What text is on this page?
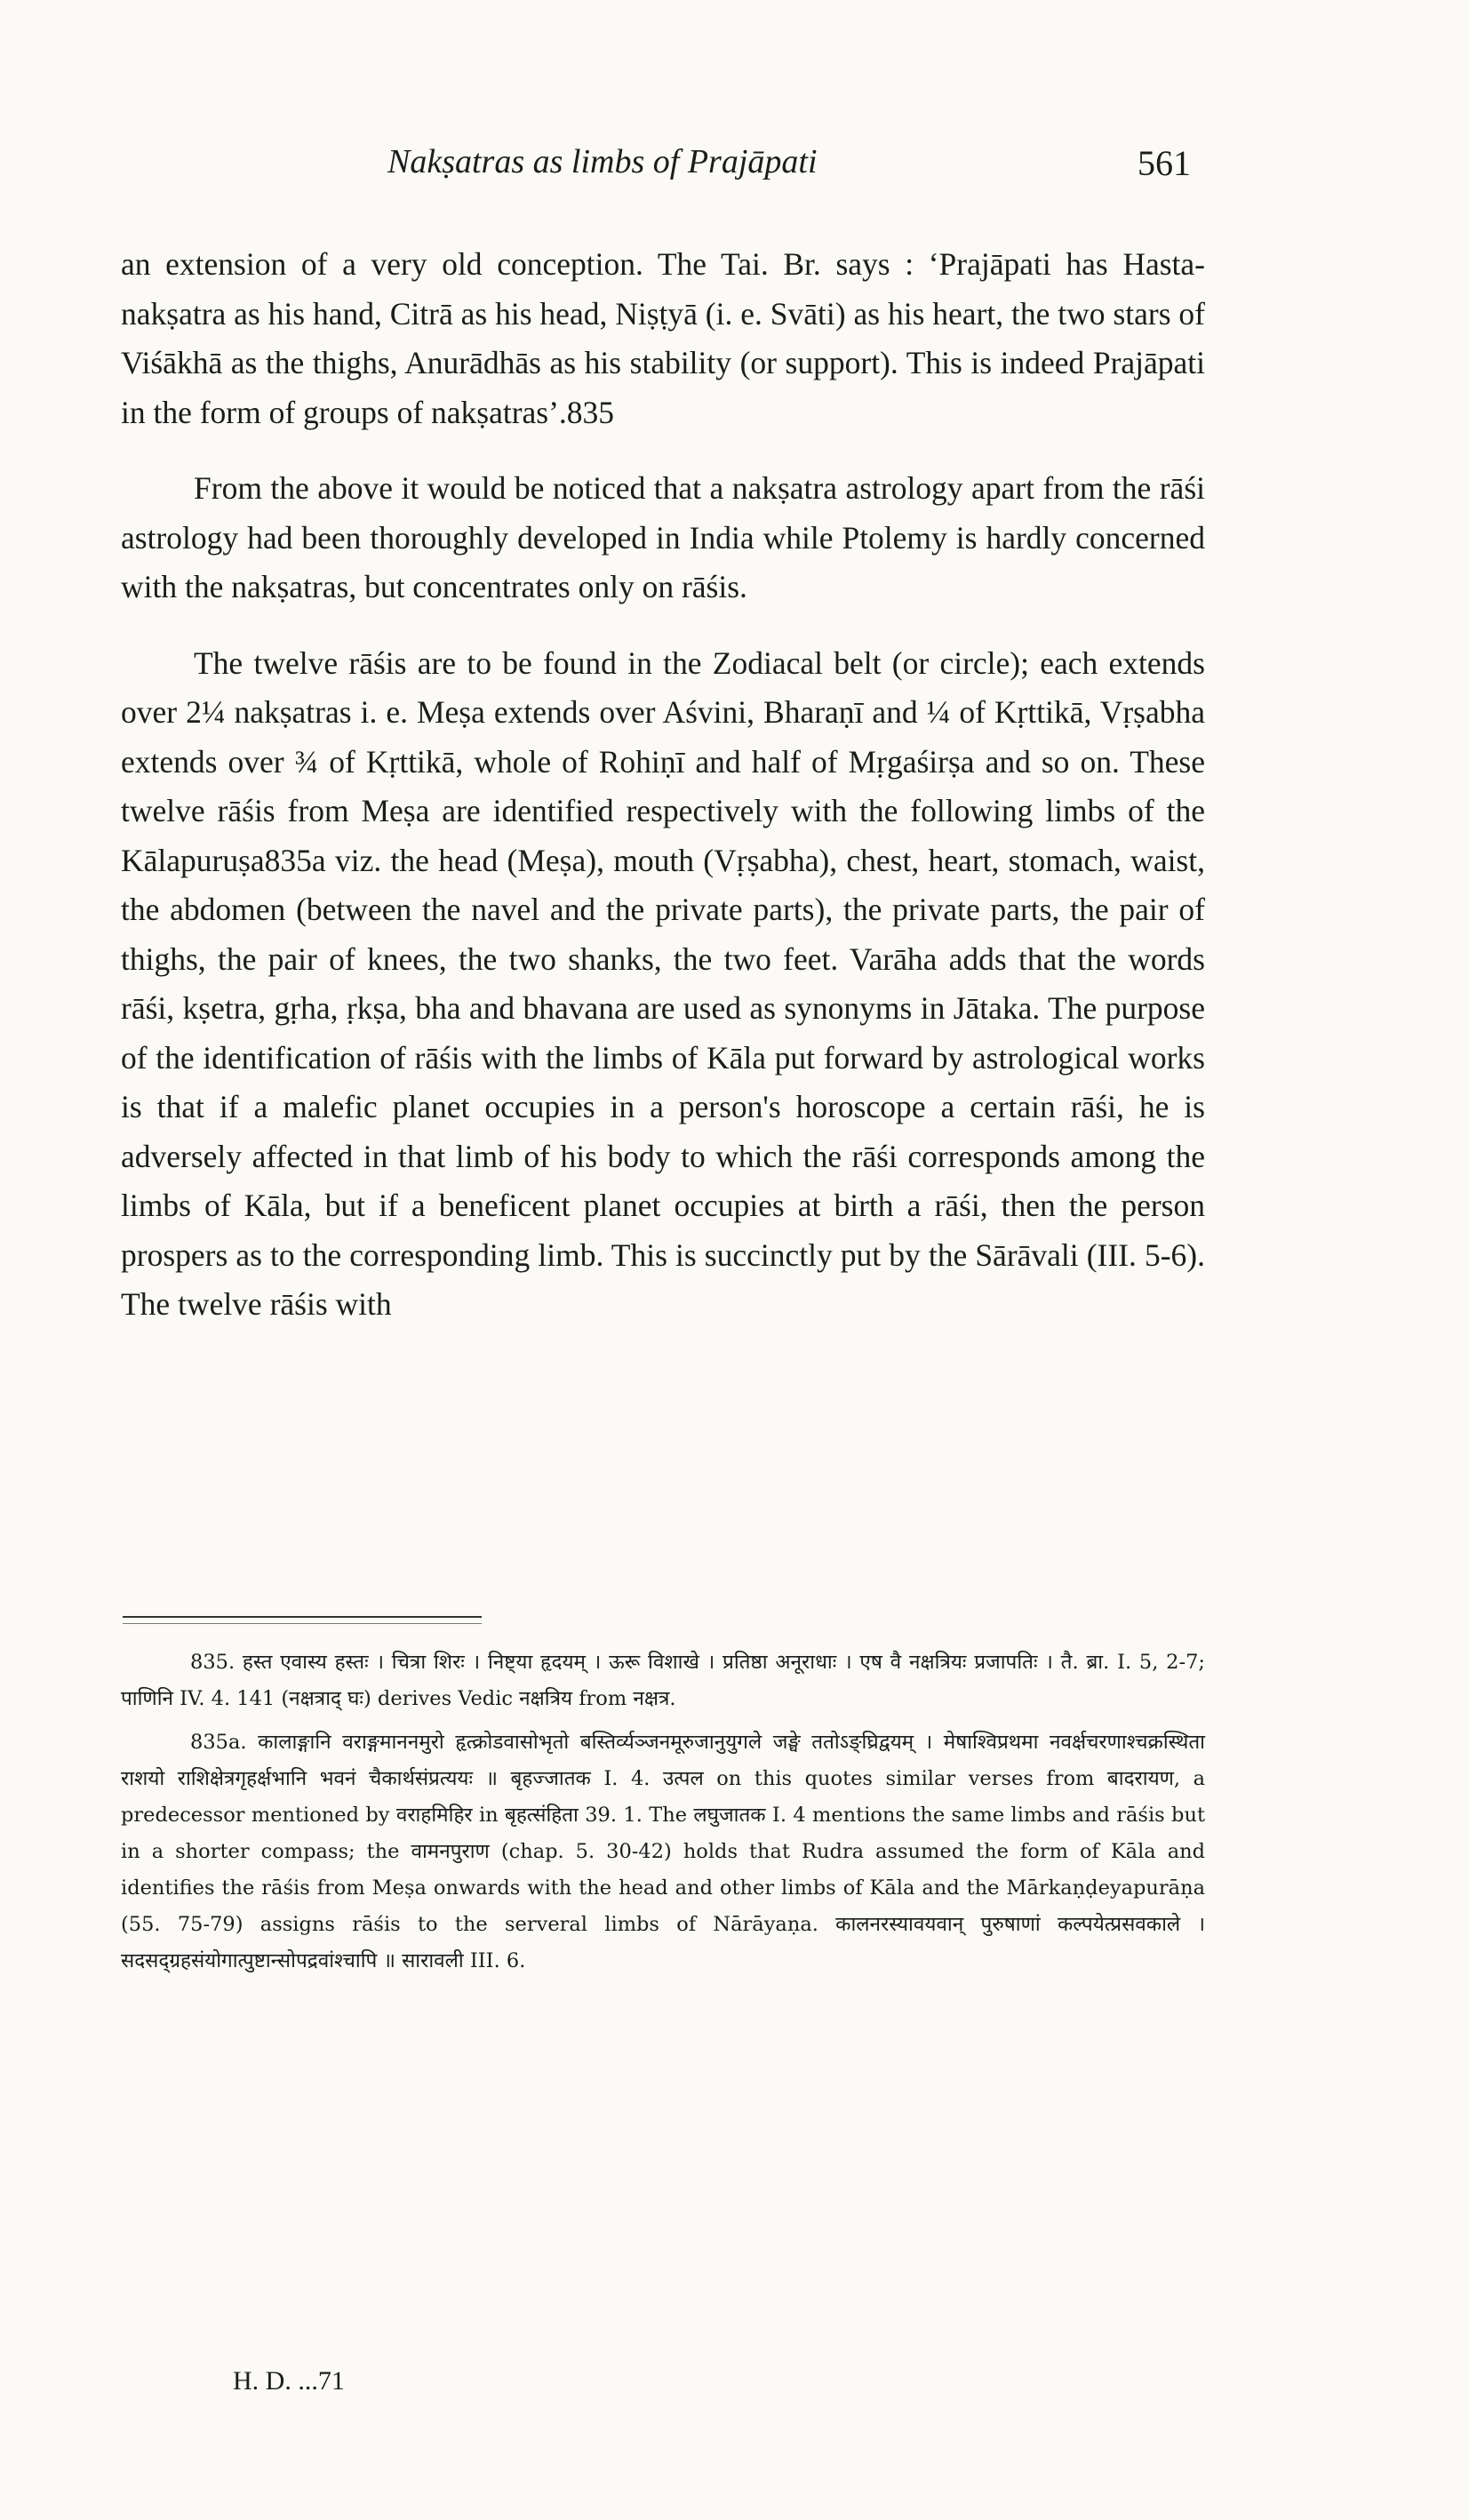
Nakṣatras as limbs of Prajāpati	561

an extension of a very old conception. The Tai. Br. says : ‘Prajāpati has Hasta-nakṣatra as his hand, Citrā as his head, Niṣṭyā (i. e. Svāti) as his heart, the two stars of Viśākhā as the thighs, Anurādhās as his stability (or support). This is indeed Prajāpati in the form of groups of nakṣatras’.835

From the above it would be noticed that a nakṣatra astrology apart from the rāśi astrology had been thoroughly developed in India while Ptolemy is hardly concerned with the nakṣatras, but concentrates only on rāśis.

The twelve rāśis are to be found in the Zodiacal belt (or circle); each extends over 2¼ nakṣatras i. e. Meṣa extends over Aśvini, Bharaṇī and ¼ of Kṛttikā, Vṛṣabha extends over ¾ of Kṛttikā, whole of Rohiṇī and half of Mṛgaśirṣa and so on. These twelve rāśis from Meṣa are identified respectively with the following limbs of the Kālapuruṣa835a viz. the head (Meṣa), mouth (Vṛṣabha), chest, heart, stomach, waist, the abdomen (between the navel and the private parts), the private parts, the pair of thighs, the pair of knees, the two shanks, the two feet. Varāha adds that the words rāśi, kṣetra, gṛha, ṛkṣa, bha and bhavana are used as synonyms in Jātaka. The purpose of the identification of rāśis with the limbs of Kāla put forward by astrological works is that if a malefic planet occupies in a person's horoscope a certain rāśi, he is adversely affected in that limb of his body to which the rāśi corresponds among the limbs of Kāla, but if a beneficent planet occupies at birth a rāśi, then the person prospers as to the corresponding limb. This is succinctly put by the Sārāvali (III. 5-6). The twelve rāśis with

835. हस्त एवास्य हस्तः । चित्रा शिरः । निष्ट्या हृदयम् । ऊरू विशाखे । प्रतिष्ठा अनूराधाः । एष वै नक्षत्रियः प्रजापतिः । तै. ब्रा. I. 5, 2-7; पाणिनि IV. 4. 141 (नक्षत्राद् घः) derives Vedic नक्षत्रिय from नक्षत्र.

835a. कालाङ्गानि वराङ्गमाननमुरो हृत्क्रोडवासोभृतो बस्तिर्व्यञ्जनमूरुजानुयुगले जङ्घे ततोऽङ्घ्रिद्वयम् । मेषाश्विप्रथमा नवर्क्षचरणाश्चक्रस्थिता राशयो राशिक्षेत्रगृहर्क्षभानि भवनं चैकार्थसंप्रत्ययः ॥ बृहज्जातक I. 4. उत्पल on this quotes similar verses from बादरायण, a predecessor mentioned by वराहमिहिर in बृहत्संहिता 39. 1. The लघुजातक I. 4 mentions the same limbs and rāśis but in a shorter compass; the वामनपुराण (chap. 5. 30-42) holds that Rudra assumed the form of Kāla and identifies the rāśis from Meṣa onwards with the head and other limbs of Kāla and the Mārkaṇḍeyapurāṇa (55. 75-79) assigns rāśis to the serveral limbs of Nārāyaṇa. कालनरस्यावयवान् पुरुषाणां कल्पयेत्प्रसवकाले । सदसद्ग्रहसंयोगात्पुष्टान्सोपद्रवांश्चापि ॥ सारावली III. 6.

H. D. ...71
